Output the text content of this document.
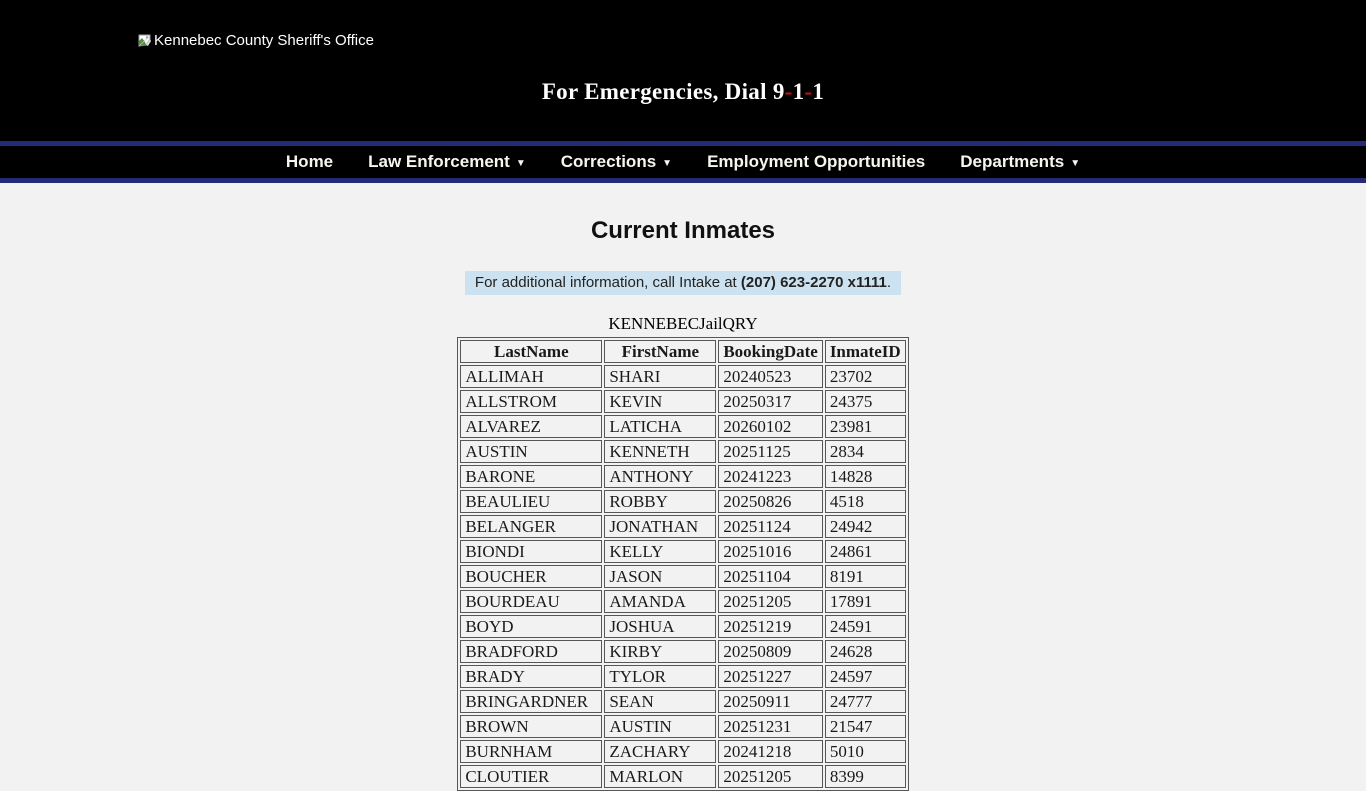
Kennebec County Sheriff's Office
For Emergencies, Dial 9-1-1
Home Law Enforcement ▼ Corrections ▼ Employment Opportunities Departments ▼
Current Inmates
For additional information, call Intake at (207) 623-2270 x1111.
KENNEBECJailQRY
LastName	FirstName	BookingDate	InmateID
ALLIMAH	SHARI	20240523	23702
ALLSTROM	KEVIN	20250317	24375
ALVAREZ	LATICHA	20260102	23981
AUSTIN	KENNETH	20251125	2834
BARONE	ANTHONY	20241223	14828
BEAULIEU	ROBBY	20250826	4518
BELANGER	JONATHAN	20251124	24942
BIONDI	KELLY	20251016	24861
BOUCHER	JASON	20251104	8191
BOURDEAU	AMANDA	20251205	17891
BOYD	JOSHUA	20251219	24591
BRADFORD	KIRBY	20250809	24628
BRADY	TYLOR	20251227	24597
BRINGARDNER	SEAN	20250911	24777
BROWN	AUSTIN	20251231	21547
BURNHAM	ZACHARY	20241218	5010
CLOUTIER	MARLON	20251205	8399
